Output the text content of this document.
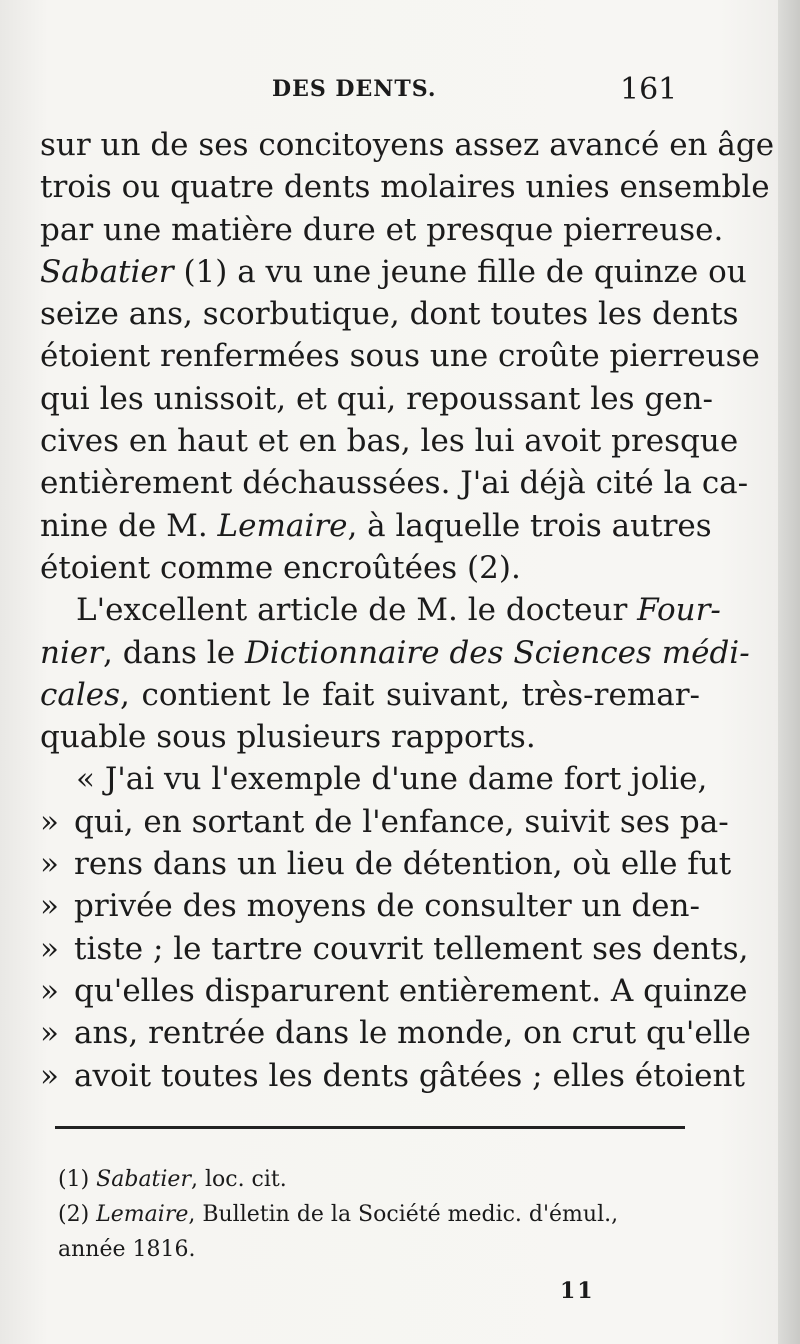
DES DENTS.	161
sur un de ses concitoyens assez avancé en âge
trois ou quatre dents molaires unies ensemble
par une matière dure et presque pierreuse.
Sabatier (1) a vu une jeune fille de quinze ou
seize ans, scorbutique, dont toutes les dents
étoient renfermées sous une croûte pierreuse
qui les unissoit, et qui, repoussant les gen-
cives en haut et en bas, les lui avoit presque
entièrement déchaussées. J'ai déjà cité la ca-
nine de M. Lemaire, à laquelle trois autres
étoient comme encroûtées (2).
L'excellent article de M. le docteur Four-
nier, dans le Dictionnaire des Sciences médi-
cales, contient le fait suivant, très-remar-
quable sous plusieurs rapports.
« J'ai vu l'exemple d'une dame fort jolie,
» qui, en sortant de l'enfance, suivit ses pa-
» rens dans un lieu de détention, où elle fut
» privée des moyens de consulter un den-
» tiste ; le tartre couvrit tellement ses dents,
» qu'elles disparurent entièrement. A quinze
» ans, rentrée dans le monde, on crut qu'elle
» avoit toutes les dents gâtées ; elles étoient
(1) Sabatier, loc. cit.
(2) Lemaire, Bulletin de la Société medic. d'émul.,
année 1816.
11
